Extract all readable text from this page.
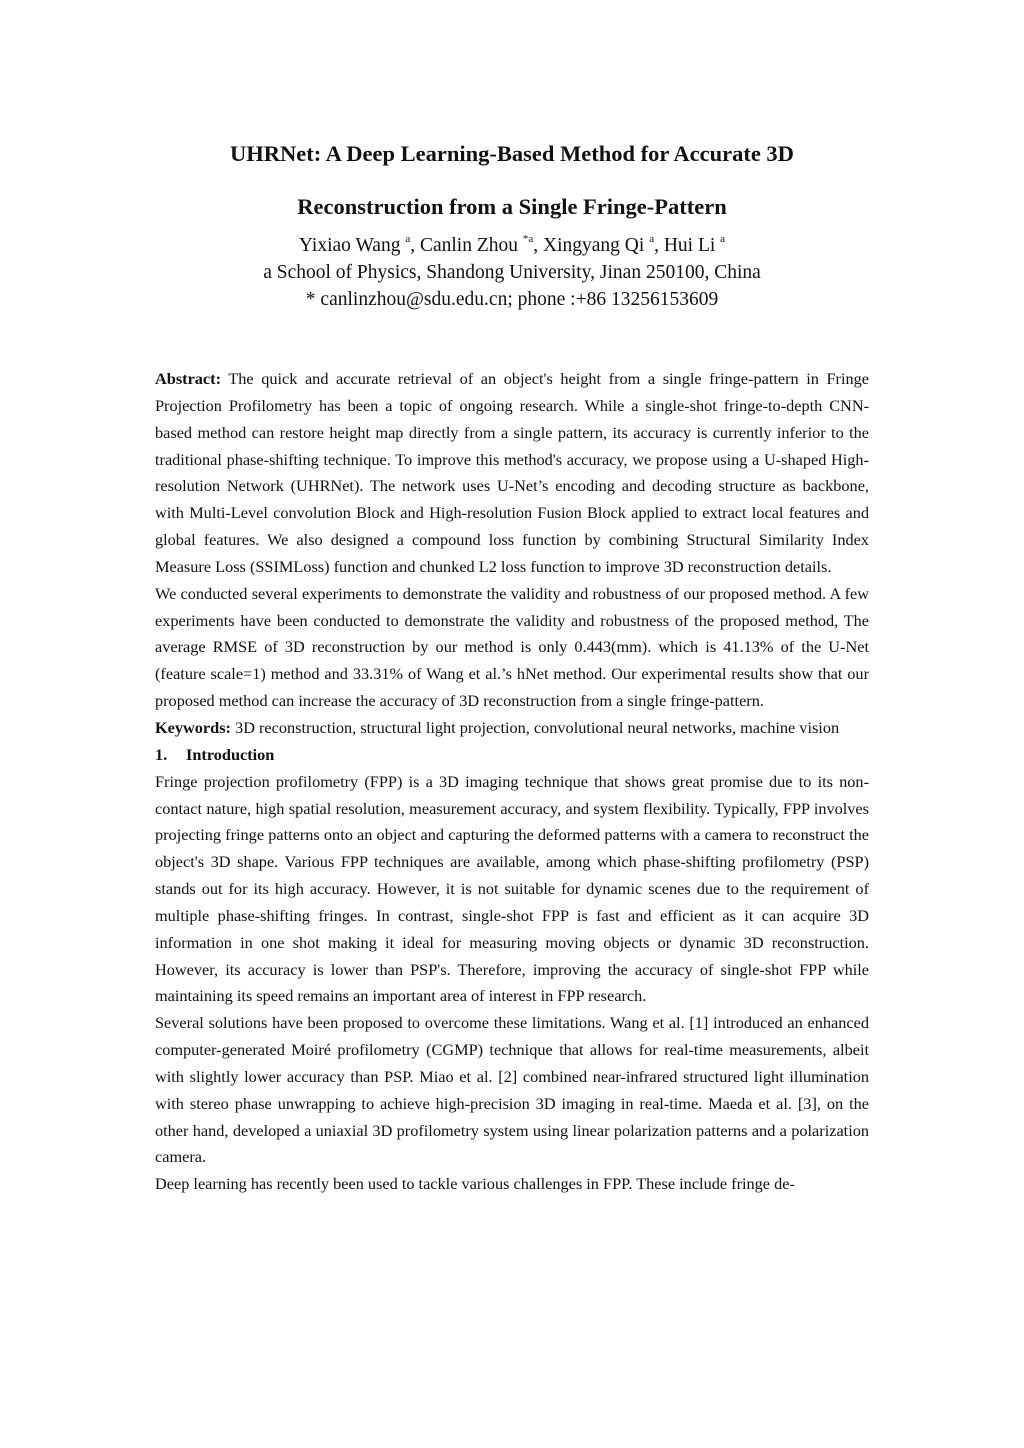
UHRNet: A Deep Learning-Based Method for Accurate 3D
Reconstruction from a Single Fringe-Pattern
Yixiao Wang $^a$, Canlin Zhou $^{*a}$, Xingyang Qi $^a$, Hui Li $^a$

a School of Physics, Shandong University, Jinan 250100, China

* canlinzhou@sdu.edu.cn; phone :+86 13256153609

Abstract: The quick and accurate retrieval of an object's height from a single fringe-pattern in Fringe Projection Profilometry has been a topic of ongoing research. While a single-shot fringe-to-depth CNN-based method can restore height map directly from a single pattern, its accuracy is currently inferior to the traditional phase-shifting technique. To improve this method's accuracy, we propose using a U-shaped High-resolution Network (UHRNet). The network uses U-Net’s encoding and decoding structure as backbone, with Multi-Level convolution Block and High-resolution Fusion Block applied to extract local features and global features. We also designed a compound loss function by combining Structural Similarity Index Measure Loss (SSIMLoss) function and chunked L2 loss function to improve 3D reconstruction details.

We conducted several experiments to demonstrate the validity and robustness of our proposed method. A few experiments have been conducted to demonstrate the validity and robustness of the proposed method, The average RMSE of 3D reconstruction by our method is only 0.443(mm). which is 41.13% of the U-Net (feature scale=1) method and 33.31% of Wang et al.’s hNet method. Our experimental results show that our proposed method can increase the accuracy of 3D reconstruction from a single fringe-pattern.

Keywords: 3D reconstruction, structural light projection, convolutional neural networks, machine vision

1. Introduction

Fringe projection profilometry (FPP) is a 3D imaging technique that shows great promise due to its non-contact nature, high spatial resolution, measurement accuracy, and system flexibility. Typically, FPP involves projecting fringe patterns onto an object and capturing the deformed patterns with a camera to reconstruct the object's 3D shape. Various FPP techniques are available, among which phase-shifting profilometry (PSP) stands out for its high accuracy. However, it is not suitable for dynamic scenes due to the requirement of multiple phase-shifting fringes. In contrast, single-shot FPP is fast and efficient as it can acquire 3D information in one shot making it ideal for measuring moving objects or dynamic 3D reconstruction. However, its accuracy is lower than PSP's. Therefore, improving the accuracy of single-shot FPP while maintaining its speed remains an important area of interest in FPP research.

Several solutions have been proposed to overcome these limitations. Wang et al. [1] introduced an enhanced computer-generated Moiré profilometry (CGMP) technique that allows for real-time measurements, albeit with slightly lower accuracy than PSP. Miao et al. [2] combined near-infrared structured light illumination with stereo phase unwrapping to achieve high-precision 3D imaging in real-time. Maeda et al. [3], on the other hand, developed a uniaxial 3D profilometry system using linear polarization patterns and a polarization camera.

Deep learning has recently been used to tackle various challenges in FPP. These include fringe de-
